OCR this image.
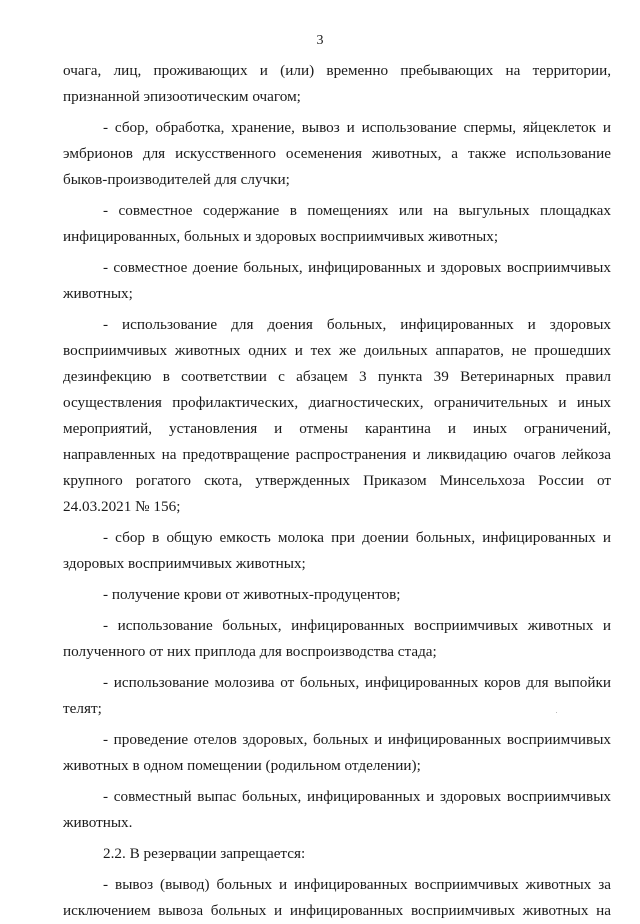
3

очага, лиц, проживающих и (или) временно пребывающих на территории, признанной эпизоотическим очагом;

- сбор, обработка, хранение, вывоз и использование спермы, яйцеклеток и эмбрионов для искусственного осеменения животных, а также использование быков-производителей для случки;

- совместное содержание в помещениях или на выгульных площадках инфицированных, больных и здоровых восприимчивых животных;

- совместное доение больных, инфицированных и здоровых восприимчивых животных;

- использование для доения больных, инфицированных и здоровых восприимчивых животных одних и тех же доильных аппаратов, не прошедших дезинфекцию в соответствии с абзацем 3 пункта 39 Ветеринарных правил осуществления профилактических, диагностических, ограничительных и иных мероприятий, установления и отмены карантина и иных ограничений, направленных на предотвращение распространения и ликвидацию очагов лейкоза крупного рогатого скота, утвержденных Приказом Минсельхоза России от 24.03.2021 № 156;

- сбор в общую емкость молока при доении больных, инфицированных и здоровых восприимчивых животных;

- получение крови от животных-продуцентов;

- использование больных, инфицированных восприимчивых животных и полученного от них приплода для воспроизводства стада;

- использование молозива от больных, инфицированных коров для выпойки телят;

- проведение отелов здоровых, больных и инфицированных восприимчивых животных в одном помещении (родильном отделении);

- совместный выпас больных, инфицированных и здоровых восприимчивых животных.

2.2. В резервации запрещается:

- вывоз (вывод) больных и инфицированных восприимчивых животных за исключением вывоза больных и инфицированных восприимчивых животных на
